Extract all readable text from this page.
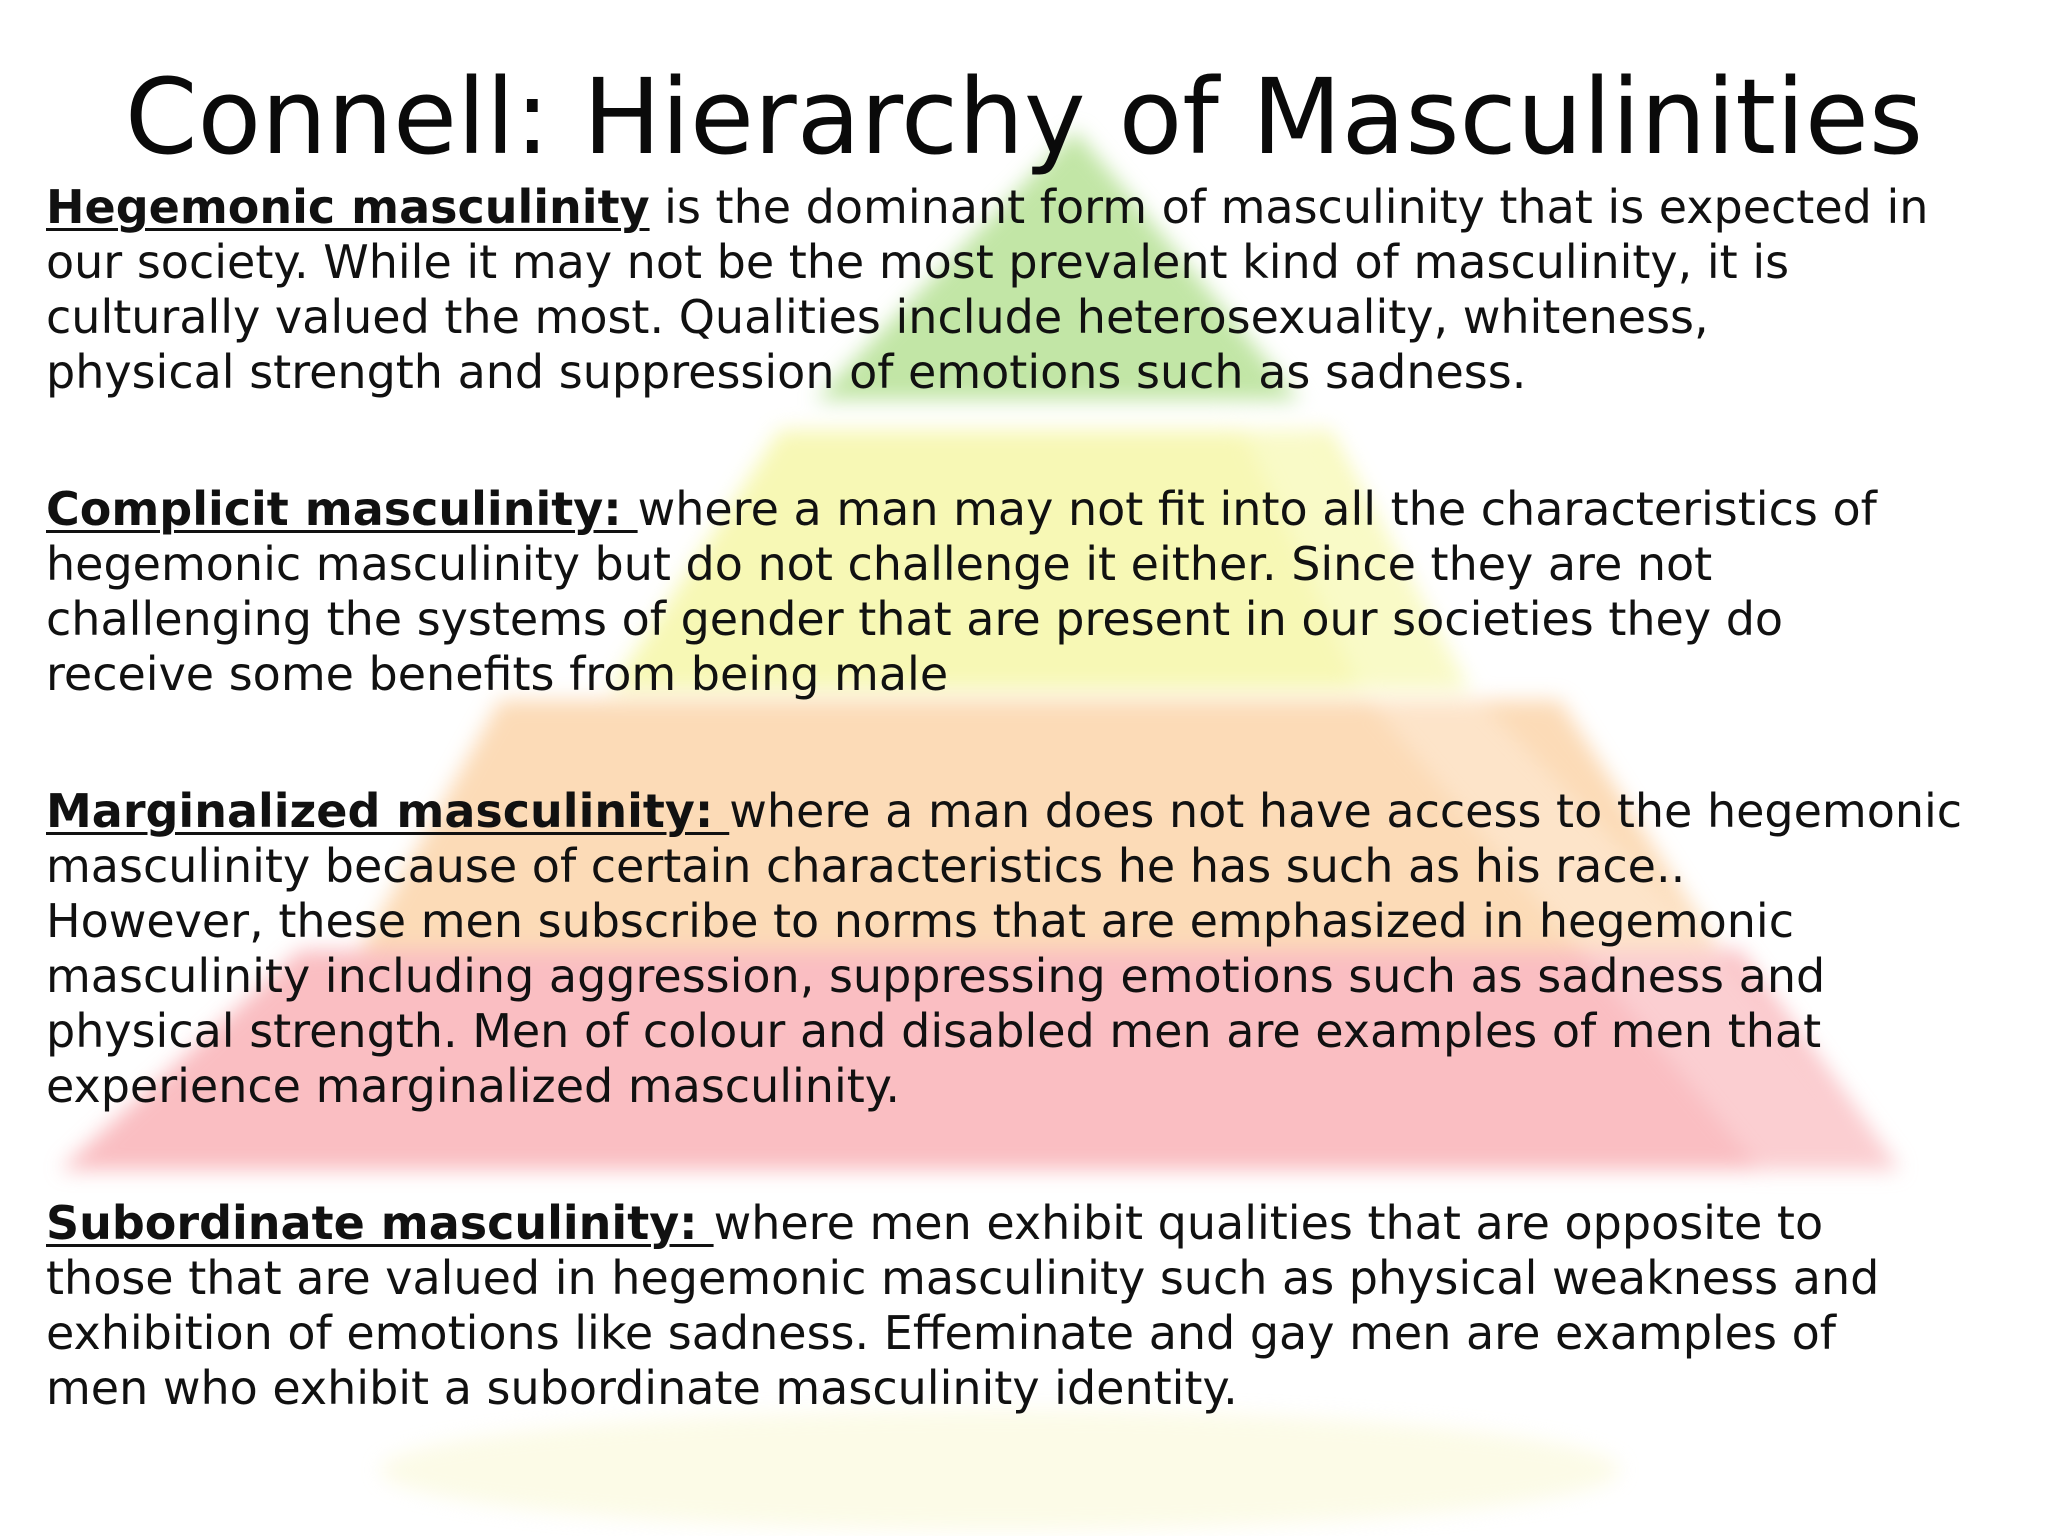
Connell: Hierarchy of Masculinities

Hegemonic masculinity is the dominant form of masculinity that is expected in
our society. While it may not be the most prevalent kind of masculinity, it is
culturally valued the most. Qualities include heterosexuality, whiteness,
physical strength and suppression of emotions such as sadness.

Complicit masculinity: where a man may not fit into all the characteristics of
hegemonic masculinity but do not challenge it either. Since they are not
challenging the systems of gender that are present in our societies they do
receive some benefits from being male

Marginalized masculinity: where a man does not have access to the hegemonic
masculinity because of certain characteristics he has such as his race..
However, these men subscribe to norms that are emphasized in hegemonic
masculinity including aggression, suppressing emotions such as sadness and
physical strength. Men of colour and disabled men are examples of men that
experience marginalized masculinity.

Subordinate masculinity: where men exhibit qualities that are opposite to
those that are valued in hegemonic masculinity such as physical weakness and
exhibition of emotions like sadness. Effeminate and gay men are examples of
men who exhibit a subordinate masculinity identity.
